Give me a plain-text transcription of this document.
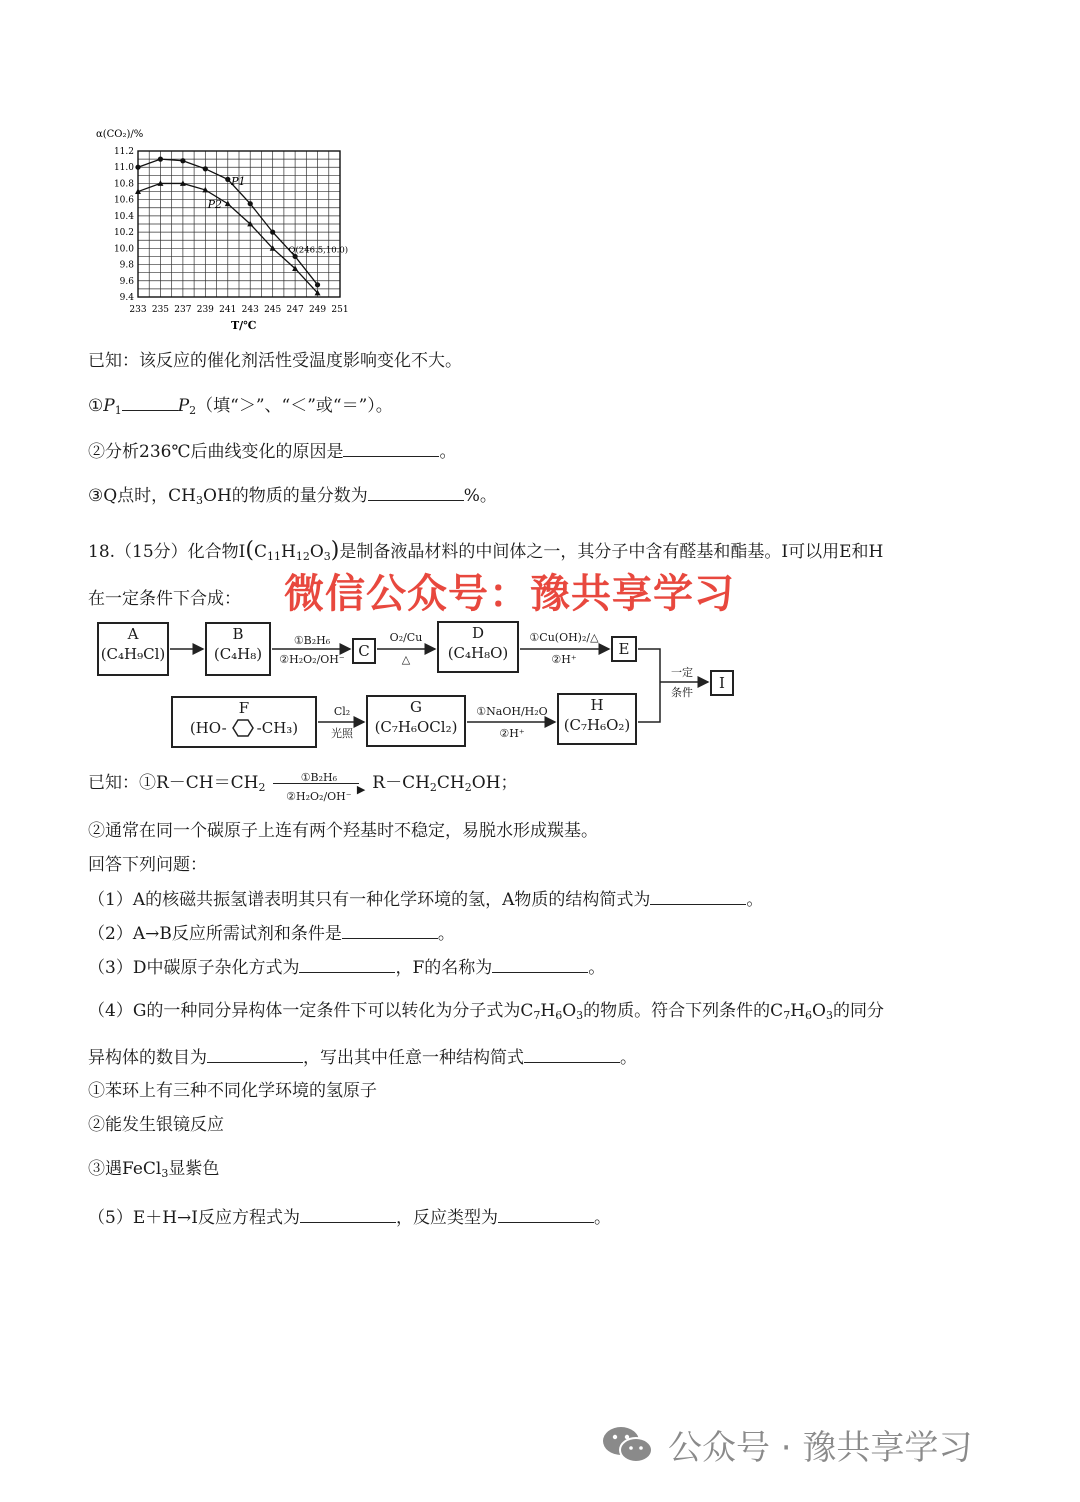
233 235 237 239 241 243 245 247 249 251
11.2
11.0
10.8
10.6
10.4
10.2
10.0
9.8
9.6
9.4
α(CO₂)/%
T/℃
P1
P2
Q(246.5,10.0)
已知：该反应的催化剂活性受温度影响变化不大。
$①P_1$	$P_2$（填“＞”、“＜”或“＝”）。
②分析236℃后曲线变化的原因是	。
③Q点时，$CH_3OH$的物质的量分数为	%。
18.（15分）化合物$I(C_{11}H_{12}O_3)$是制备液晶材料的中间体之一，其分子中含有醛基和酯基。I可以用E和H
在一定条件下合成： 微信公众号：豫共享学习
A
(C₄H₉Cl)
B
(C₄H₈)	C
D
(C₄H₈O)	E
I
F
(HO- -CH₃)
G
(C₇H₆OCl₂)
H
(C₇H₆O₂)
①B₂H₆
②H₂O₂/OH⁻
O₂/Cu
△
①Cu(OH)₂/△
②H⁺
Cl₂
光照
①NaOH/H₂O
②H⁺
一定
条件
已知：$①R-CH=CH_2$
①B₂H₆
▶
②H₂O₂/OH⁻
$R-CH_2CH_2OH$；
②通常在同一个碳原子上连有两个羟基时不稳定，易脱水形成羰基。
回答下列问题：
（1）A的核磁共振氢谱表明其只有一种化学环境的氢，A物质的结构简式为	。
（2）A→B反应所需试剂和条件是	。
（3）D中碳原子杂化方式为	，F的名称为	。
（4）G的一种同分异构体一定条件下可以转化为分子式为$C_7H_6O_3$的物质。符合下列条件的$C_7H_6O_3$的同分
异构体的数目为	，写出其中任意一种结构简式	。
①苯环上有三种不同化学环境的氢原子
②能发生银镜反应
③遇FeCl$_3$显紫色
（5）E＋H→I反应方程式为	，反应类型为	。
公众号 · 豫共享学习
